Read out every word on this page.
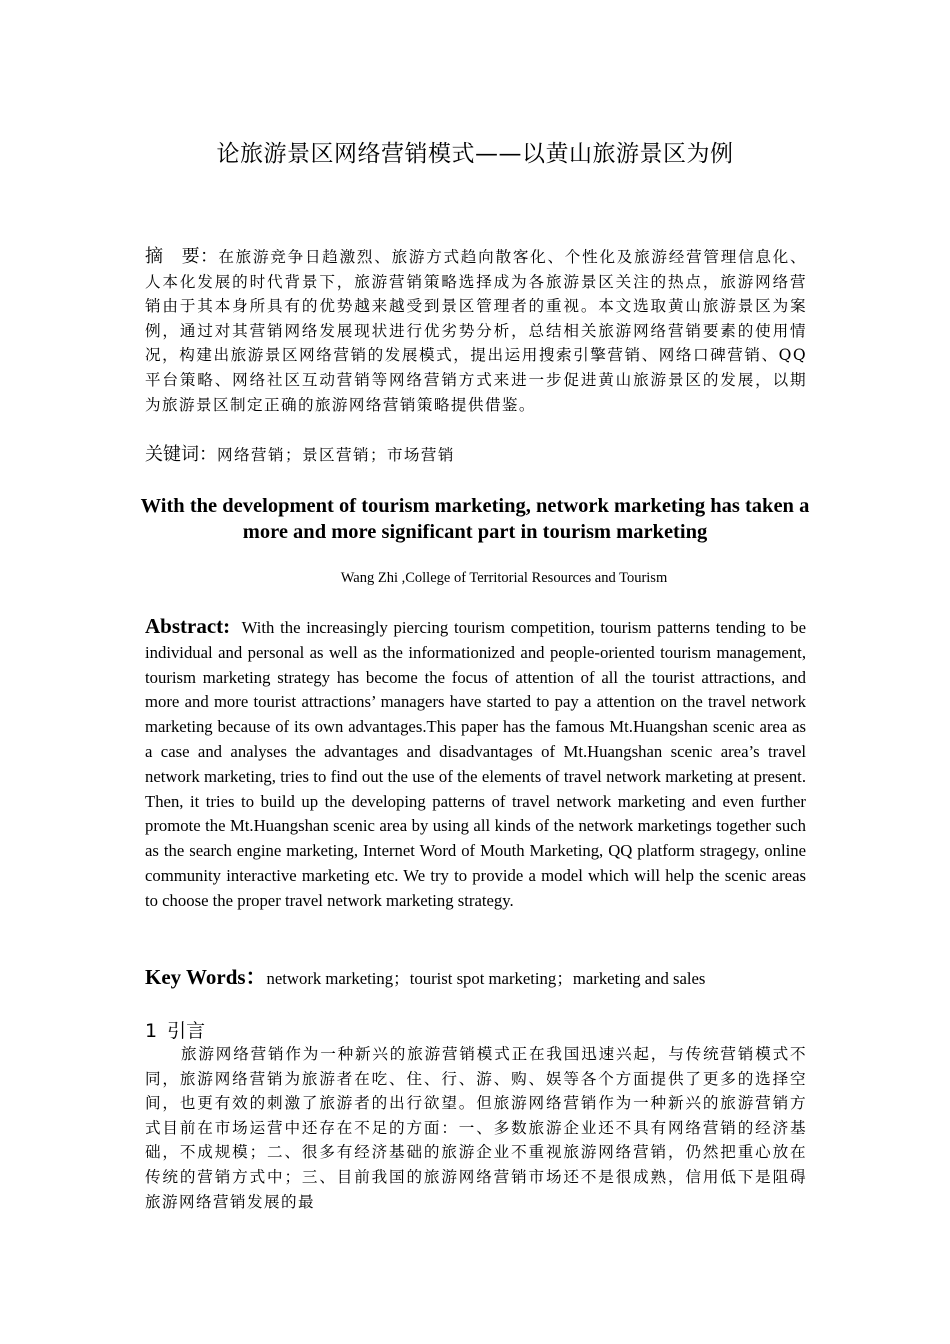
论旅游景区网络营销模式——以黄山旅游景区为例
摘　要：在旅游竞争日趋激烈、旅游方式趋向散客化、个性化及旅游经营管理信息化、人本化发展的时代背景下，旅游营销策略选择成为各旅游景区关注的热点，旅游网络营销由于其本身所具有的优势越来越受到景区管理者的重视。本文选取黄山旅游景区为案例，通过对其营销网络发展现状进行优劣势分析，总结相关旅游网络营销要素的使用情况，构建出旅游景区网络营销的发展模式，提出运用搜索引擎营销、网络口碑营销、QQ平台策略、网络社区互动营销等网络营销方式来进一步促进黄山旅游景区的发展，以期为旅游景区制定正确的旅游网络营销策略提供借鉴。
关键词：网络营销；景区营销；市场营销
With the development of tourism marketing, network marketing has taken a more and more significant part in tourism marketing
Wang Zhi ,College of Territorial Resources and Tourism
Abstract: With the increasingly piercing tourism competition, tourism patterns tending to be individual and personal as well as the informationized and people-oriented tourism management, tourism marketing strategy has become the focus of attention of all the tourist attractions, and more and more tourist attractions’ managers have started to pay a attention on the travel network marketing because of its own advantages.This paper has the famous Mt.Huangshan scenic area as a case and analyses the advantages and disadvantages of Mt.Huangshan scenic area’s travel network marketing, tries to find out the use of the elements of travel network marketing at present. Then, it tries to build up the developing patterns of travel network marketing and even further promote the Mt.Huangshan scenic area by using all kinds of the network marketings together such as the search engine marketing, Internet Word of Mouth Marketing, QQ platform stragegy, online community interactive marketing etc. We try to provide a model which will help the scenic areas to choose the proper travel network marketing strategy.
Key Words：network marketing；tourist spot marketing；marketing and sales
1 引言
旅游网络营销作为一种新兴的旅游营销模式正在我国迅速兴起，与传统营销模式不同，旅游网络营销为旅游者在吃、住、行、游、购、娱等各个方面提供了更多的选择空间，也更有效的刺激了旅游者的出行欲望。但旅游网络营销作为一种新兴的旅游营销方式目前在市场运营中还存在不足的方面：一、多数旅游企业还不具有网络营销的经济基础，不成规模；二、很多有经济基础的旅游企业不重视旅游网络营销，仍然把重心放在传统的营销方式中；三、目前我国的旅游网络营销市场还不是很成熟，信用低下是阻碍旅游网络营销发展的最
